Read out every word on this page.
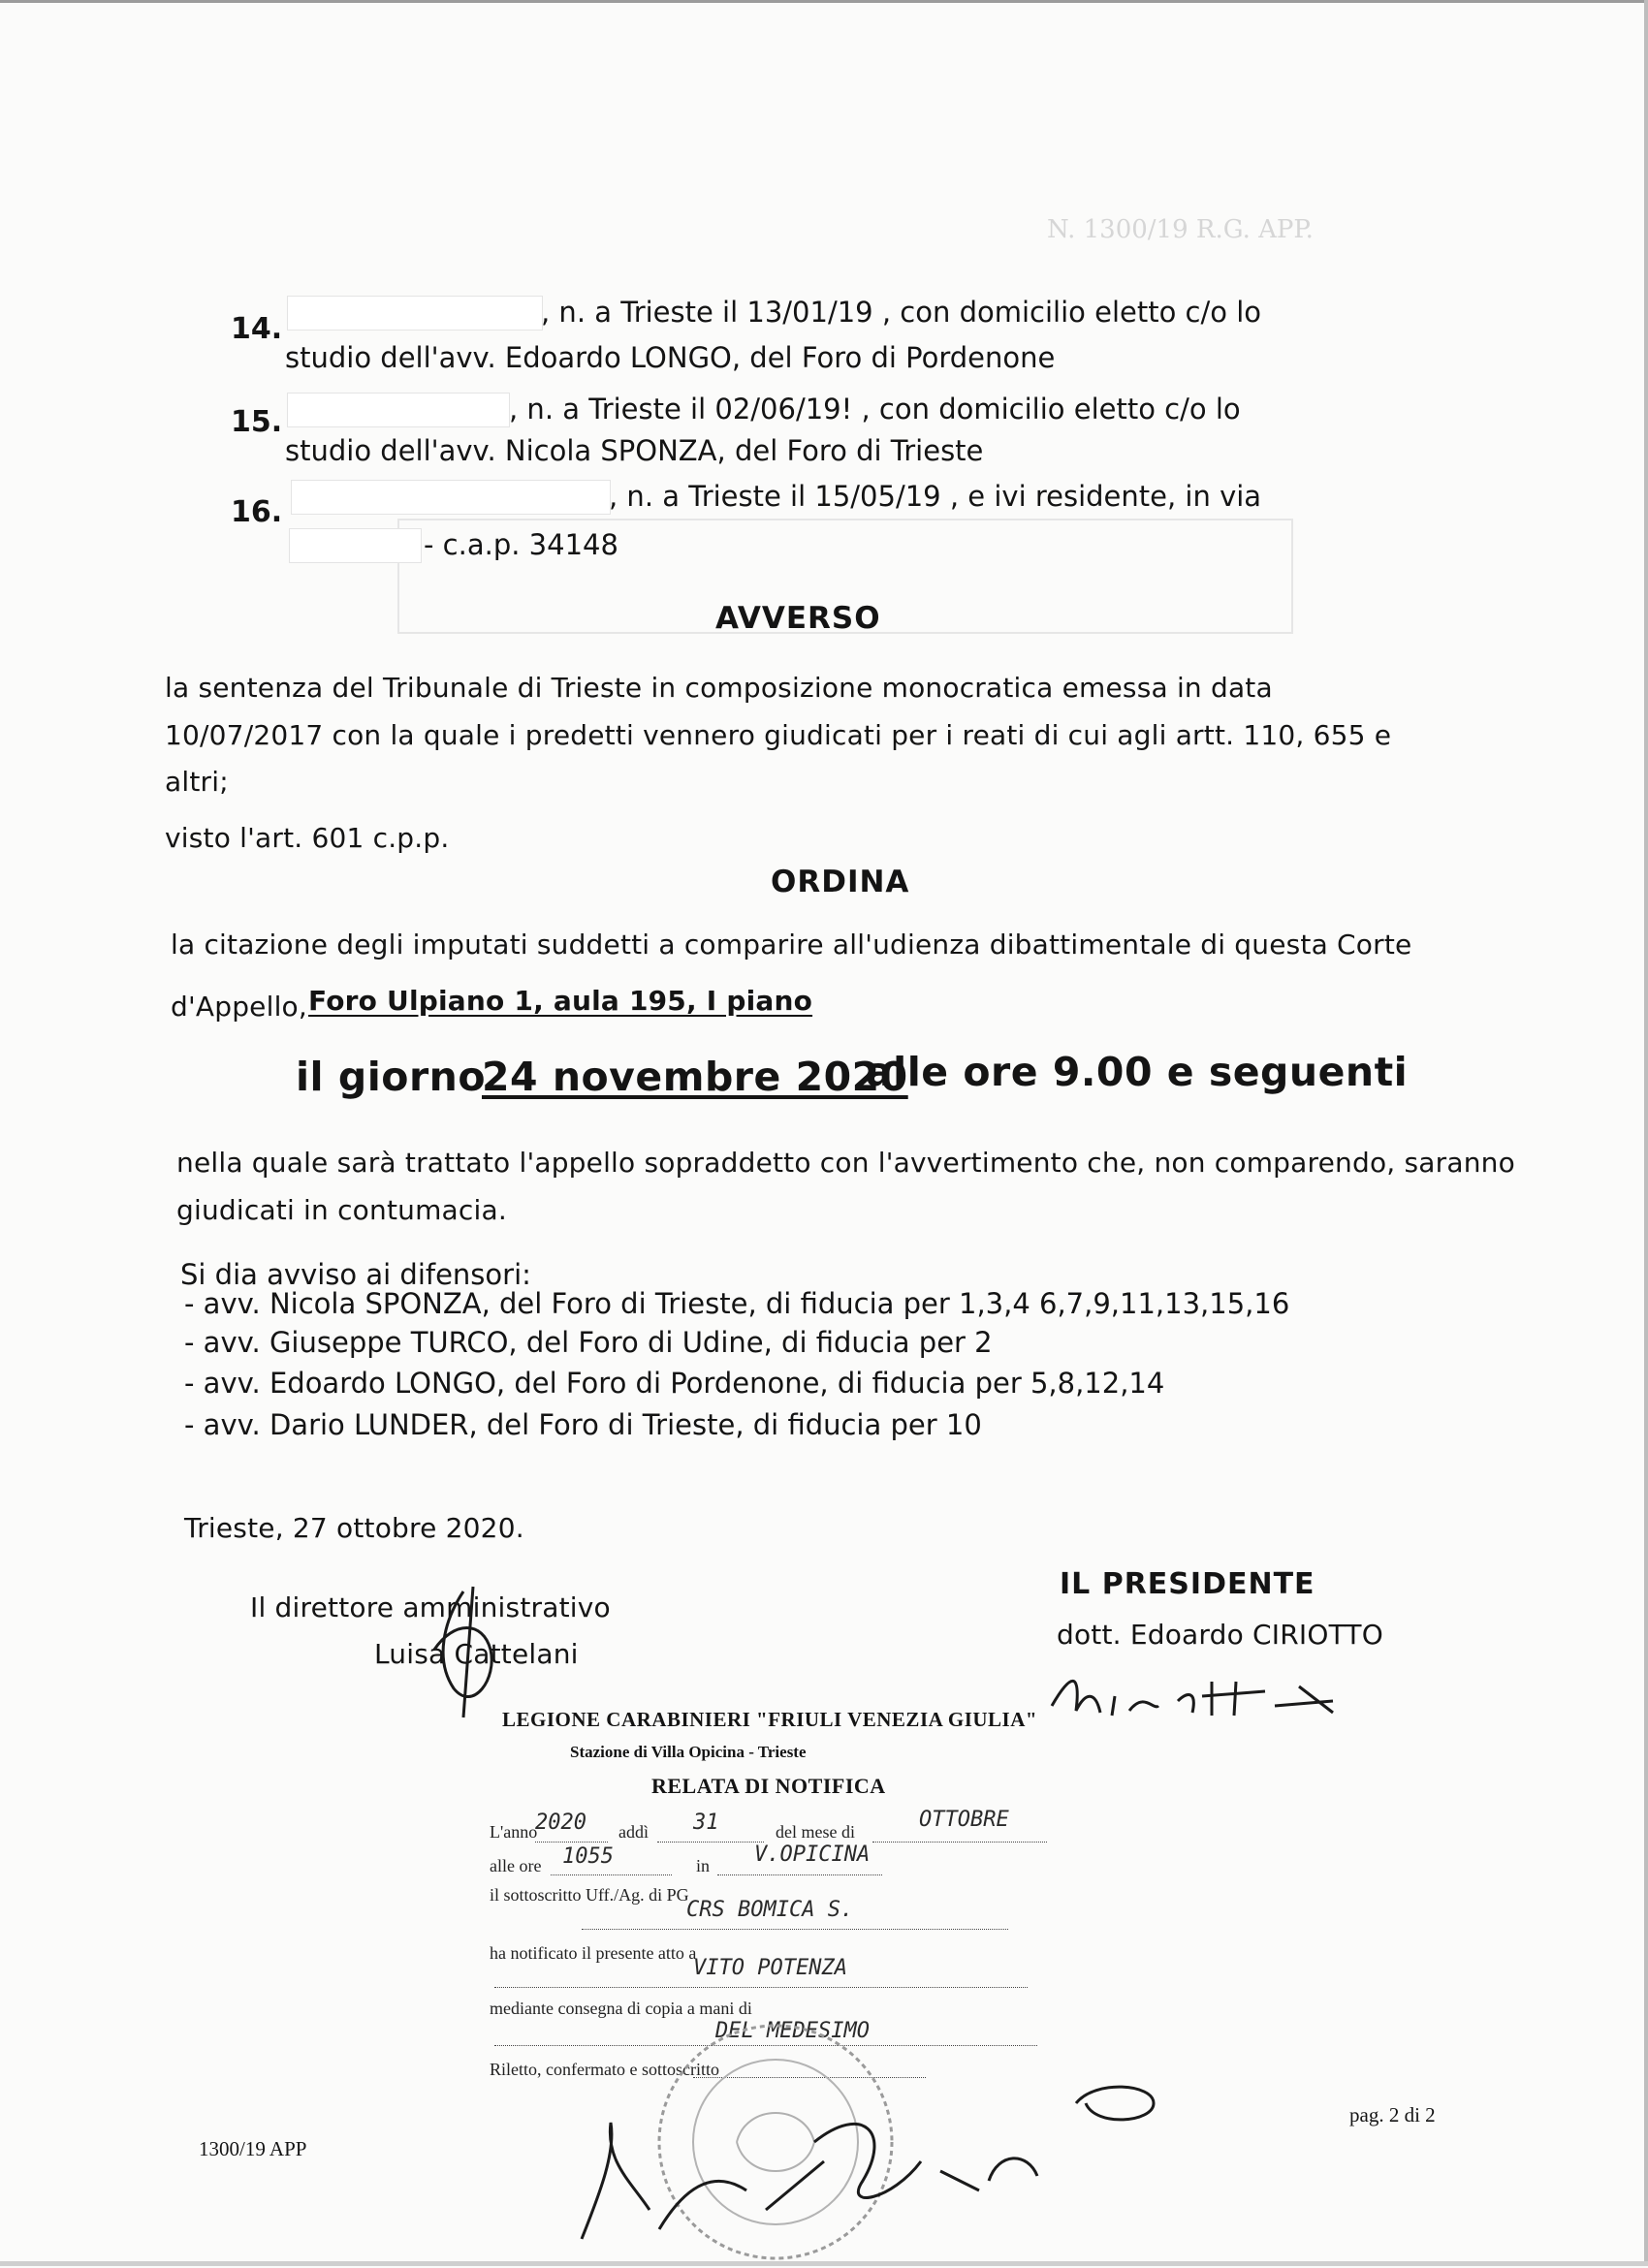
N. 1300/19 R.G. APP.
14.	, n. a Trieste il 13/01/19 , con domicilio eletto c/o lo
studio dell'avv. Edoardo LONGO, del Foro di Pordenone
15.	, n. a Trieste il 02/06/19! , con domicilio eletto c/o lo
studio dell'avv. Nicola SPONZA, del Foro di Trieste
16.	, n. a Trieste il 15/05/19 , e ivi residente, in via
- c.a.p. 34148
AVVERSO
la sentenza del Tribunale di Trieste in composizione monocratica emessa in data
10/07/2017 con la quale i predetti vennero giudicati per i reati di cui agli artt. 110, 655 e
altri;
visto l'art. 601 c.p.p.
ORDINA
la citazione degli imputati suddetti a comparire all'udienza dibattimentale di questa Corte
d'Appello, Foro Ulpiano 1, aula 195, I piano
il giorno
24 novembre 2020
alle ore 9.00 e seguenti
nella quale sarà trattato l'appello sopraddetto con l'avvertimento che, non comparendo, saranno
giudicati in contumacia.
Si dia avviso ai difensori:
- avv. Nicola SPONZA, del Foro di Trieste, di fiducia per 1,3,4 6,7,9,11,13,15,16
- avv. Giuseppe TURCO, del Foro di Udine, di fiducia per 2
- avv. Edoardo LONGO, del Foro di Pordenone, di fiducia per 5,8,12,14
- avv. Dario LUNDER, del Foro di Trieste, di fiducia per 10
Trieste, 27 ottobre 2020.
Il direttore amministrativo
Luisa Cattelani
IL PRESIDENTE
dott. Edoardo CIRIOTTO
LEGIONE CARABINIERI "FRIULI VENEZIA GIULIA"
Stazione di Villa Opicina - Trieste
RELATA DI NOTIFICA
L'anno
2020 addì 31	del mese di	OTTOBRE
alle ore 1055	in V.OPICINA
il sottoscritto Uff./Ag. di PG
CRS BOMICA S.
ha notificato il presente atto a
VITO POTENZA
mediante consegna di copia a mani di
DEL MEDESIMO
Riletto, confermato e sottoscritto
1300/19 APP
pag. 2 di 2
